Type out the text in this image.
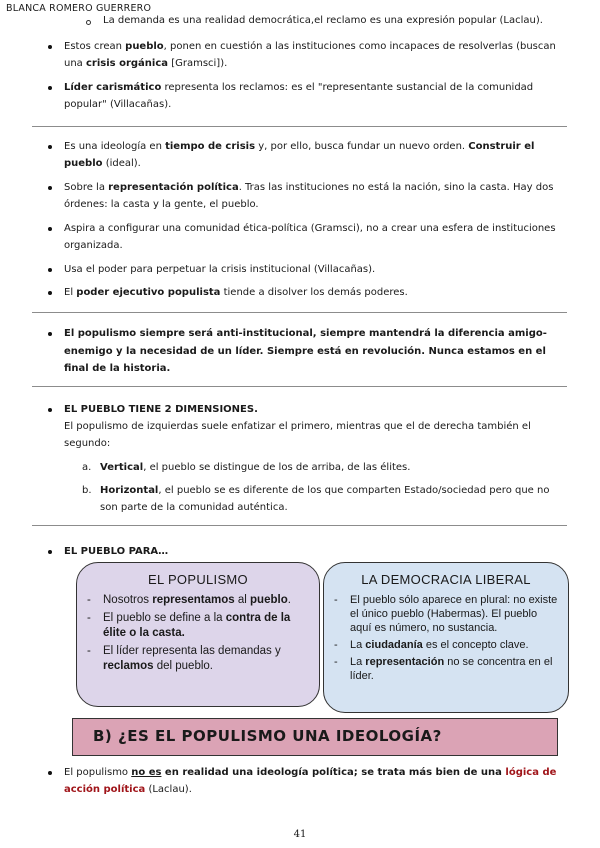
BLANCA ROMERO GUERRERO
La demanda es una realidad democrática,el reclamo es una expresión popular (Laclau).
Estos crean pueblo, ponen en cuestión a las instituciones como incapaces de resolverlas (buscan una crisis orgánica [Gramsci]).
Líder carismático representa los reclamos: es el "representante sustancial de la comunidad popular" (Villacañas).
Es una ideología en tiempo de crisis y, por ello, busca fundar un nuevo orden. Construir el pueblo (ideal).
Sobre la representación política. Tras las instituciones no está la nación, sino la casta. Hay dos órdenes: la casta y la gente, el pueblo.
Aspira a configurar una comunidad ética-política (Gramsci), no a crear una esfera de instituciones organizada.
Usa el poder para perpetuar la crisis institucional (Villacañas).
El poder ejecutivo populista tiende a disolver los demás poderes.
El populismo siempre será anti-institucional, siempre mantendrá la diferencia amigo-enemigo y la necesidad de un líder. Siempre está en revolución. Nunca estamos en el final de la historia.
EL PUEBLO TIENE 2 DIMENSIONES.
El populismo de izquierdas suele enfatizar el primero, mientras que el de derecha también el segundo:
a. Vertical, el pueblo se distingue de los de arriba, de las élites.
b. Horizontal, el pueblo se es diferente de los que comparten Estado/sociedad pero que no son parte de la comunidad auténtica.
EL PUEBLO PARA…
EL POPULISMO
- Nosotros representamos al pueblo.
- El pueblo se define a la contra de la élite o la casta.
- El líder representa las demandas y reclamos del pueblo.
LA DEMOCRACIA LIBERAL
- El pueblo sólo aparece en plural: no existe el único pueblo (Habermas). El pueblo aquí es número, no sustancia.
- La ciudadanía es el concepto clave.
- La representación no se concentra en el líder.
B) ¿ES EL POPULISMO UNA IDEOLOGÍA?
El populismo no es en realidad una ideología política; se trata más bien de una lógica de acción política (Laclau).
41
